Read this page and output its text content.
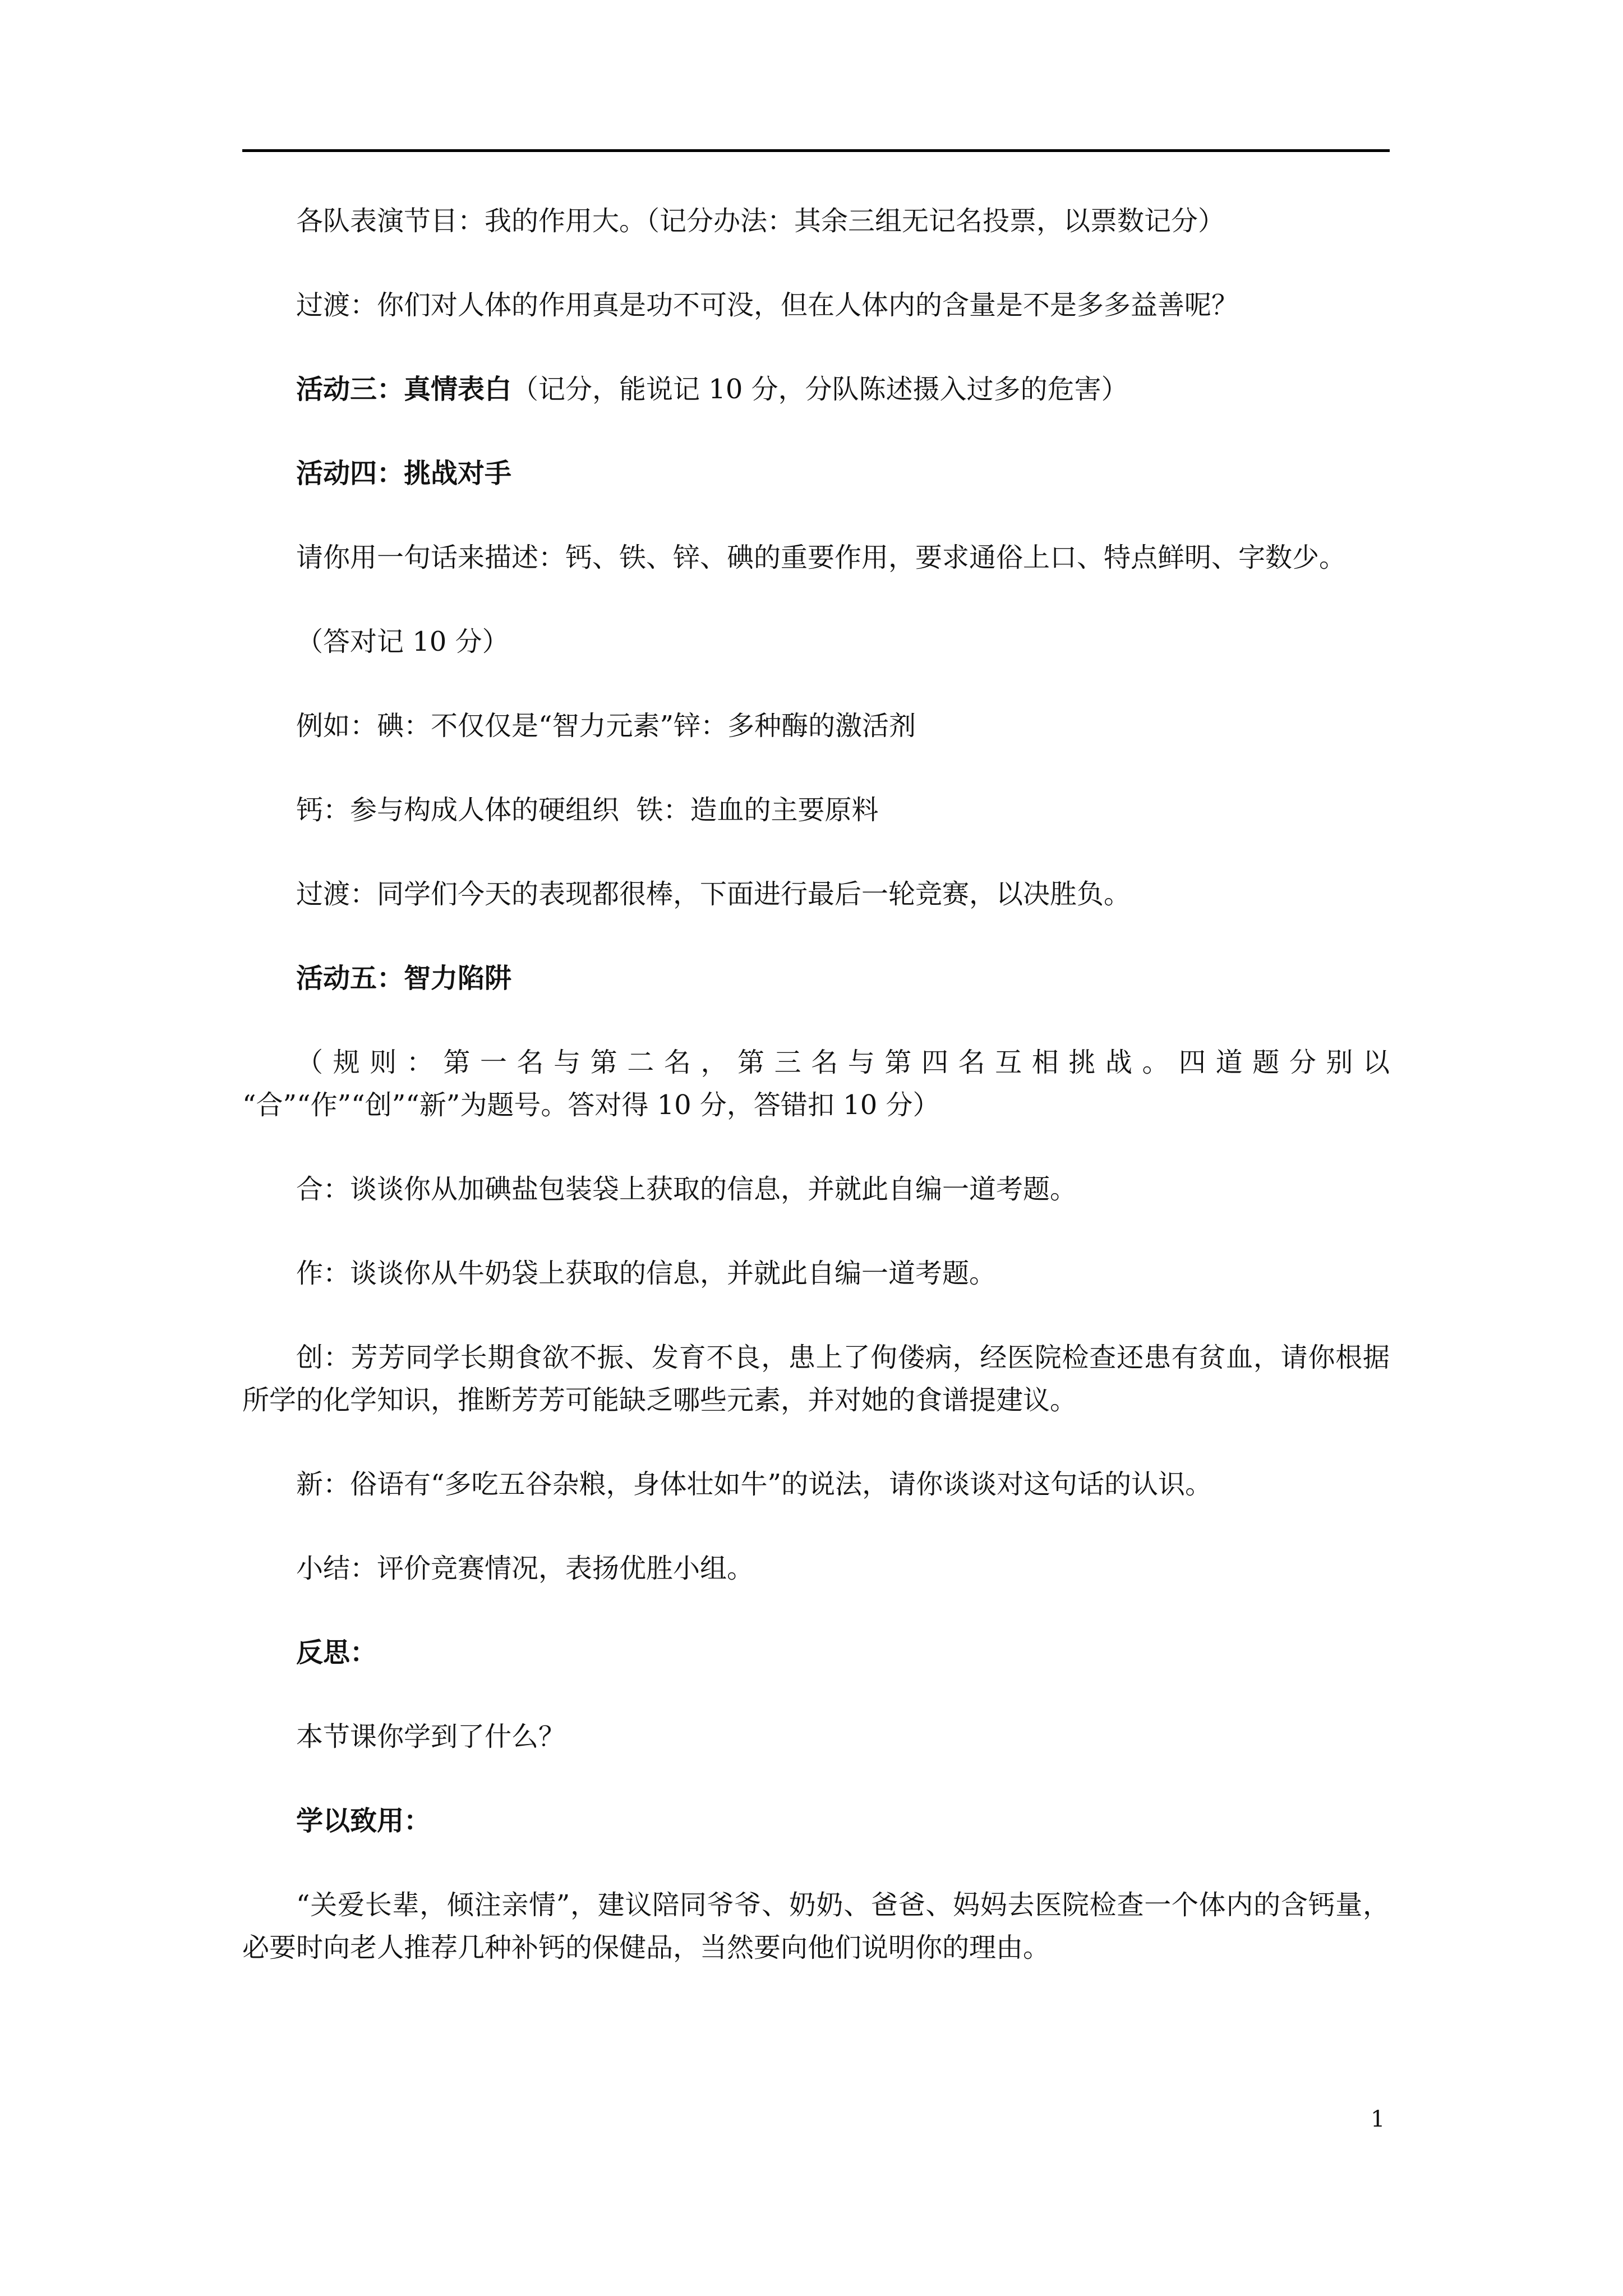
各队表演节目：我的作用大。（记分办法：其余三组无记名投票，以票数记分）

过渡：你们对人体的作用真是功不可没，但在人体内的含量是不是多多益善呢？

活动三：真情表白（记分，能说记 10 分，分队陈述摄入过多的危害）

活动四：挑战对手

请你用一句话来描述：钙、铁、锌、碘的重要作用，要求通俗上口、特点鲜明、字数少。

（答对记 10 分）

例如：碘：不仅仅是“智力元素”锌：多种酶的激活剂

钙：参与构成人体的硬组织  铁：造血的主要原料

过渡：同学们今天的表现都很棒，下面进行最后一轮竞赛，以决胜负。

活动五：智力陷阱

（规则：第一名与第二名，第三名与第四名互相挑战。四道题分别以
“合”“作”“创”“新”为题号。答对得 10 分，答错扣 10 分）

合：谈谈你从加碘盐包装袋上获取的信息，并就此自编一道考题。

作：谈谈你从牛奶袋上获取的信息，并就此自编一道考题。

创：芳芳同学长期食欲不振、发育不良，患上了佝偻病，经医院检查还患有贫血，请你根据所学的化学知识，推断芳芳可能缺乏哪些元素，并对她的食谱提建议。

新：俗语有“多吃五谷杂粮，身体壮如牛”的说法，请你谈谈对这句话的认识。

小结：评价竞赛情况，表扬优胜小组。

反思：

本节课你学到了什么？

学以致用：

“关爱长辈，倾注亲情”，建议陪同爷爷、奶奶、爸爸、妈妈去医院检查一个体内的含钙量，必要时向老人推荐几种补钙的保健品，当然要向他们说明你的理由。

1
